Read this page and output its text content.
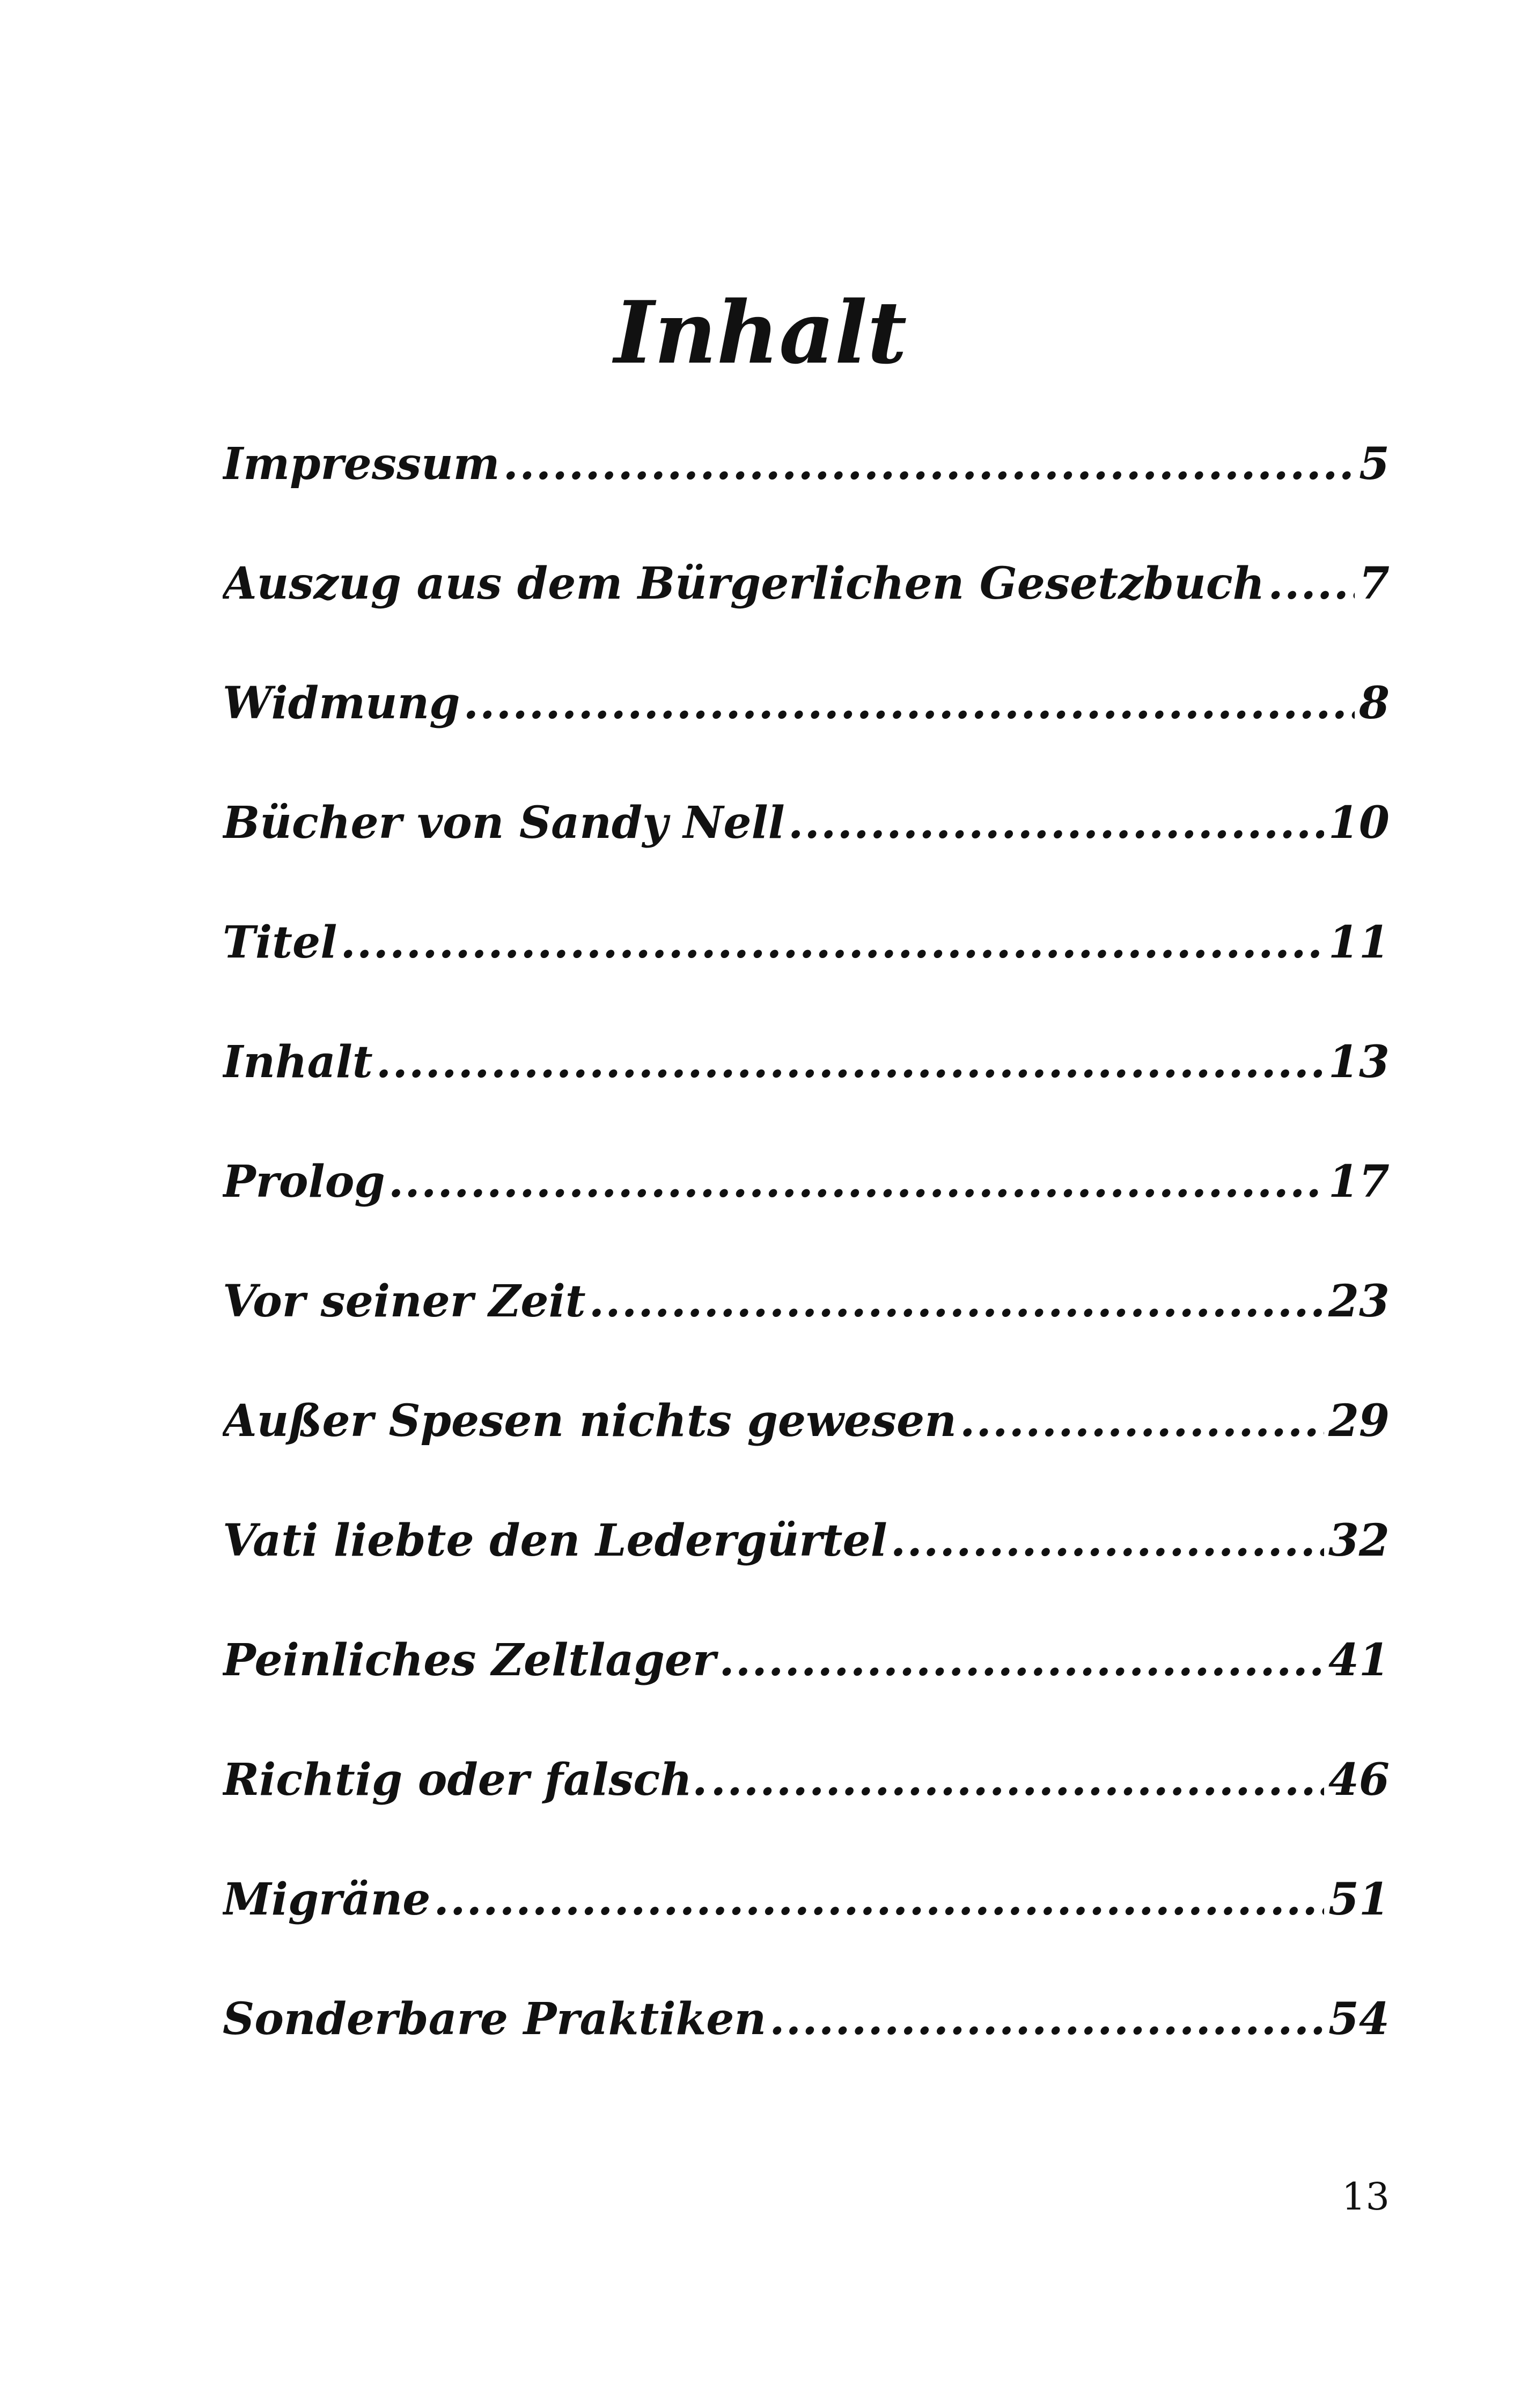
Inhalt
Impressum .....	5
Auszug aus dem Bürgerlichen Gesetzbuch ..... 7
Widmung .....	8
Bücher von Sandy Nell .....	10
Titel .....	11
Inhalt .....	13
Prolog .....	17
Vor seiner Zeit .....	23
Außer Spesen nichts gewesen .....	29
Vati liebte den Ledergürtel .....	32
Peinliches Zeltlager .....	41
Richtig oder falsch. .....	46
Migräne .....	51
Sonderbare Praktiken .....	54
13
